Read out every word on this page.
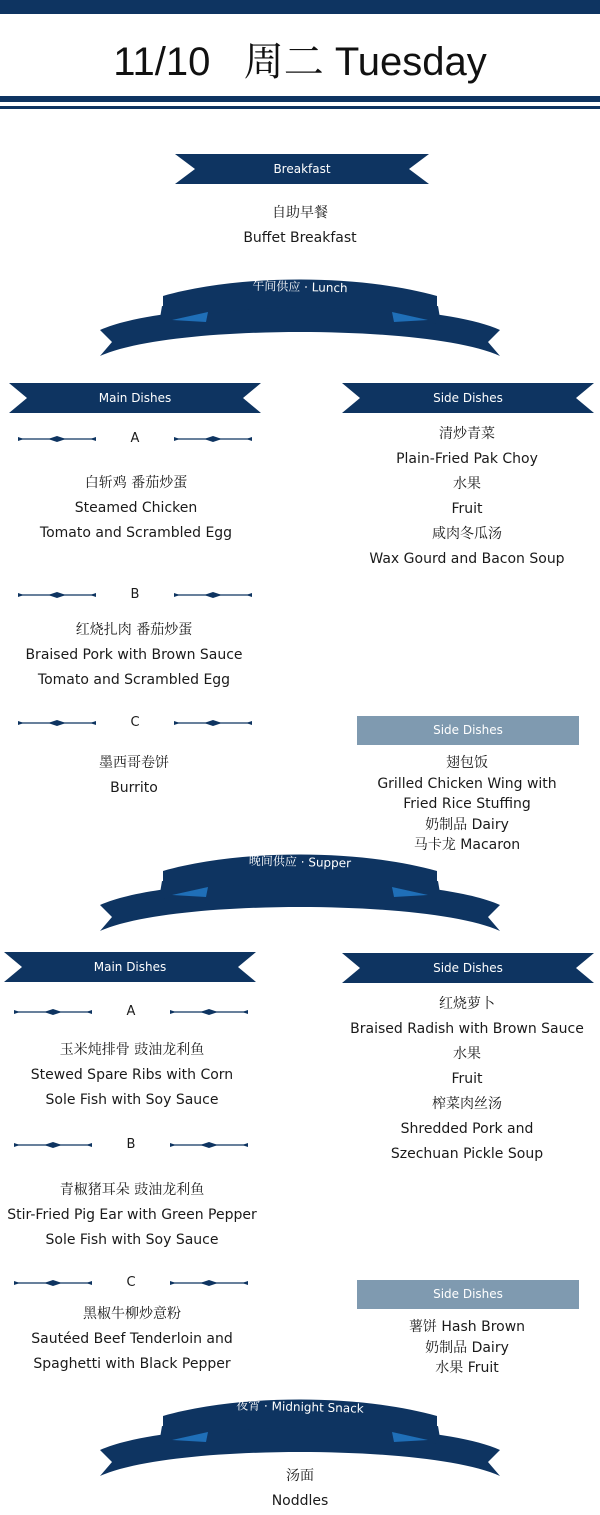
11/10 周二 Tuesday
Breakfast
自助早餐
Buffet Breakfast
午间供应 · Lunch
Main Dishes	Side Dishes
A
白斩鸡 番茄炒蛋
Steamed Chicken
Tomato and Scrambled Egg
B
红烧扎肉 番茄炒蛋
Braised Pork with Brown Sauce
Tomato and Scrambled Egg
C
墨西哥卷饼
Burrito
清炒青菜
Plain-Fried Pak Choy
水果
Fruit
咸肉冬瓜汤
Wax Gourd and Bacon Soup
Side Dishes
翅包饭
Grilled Chicken Wing with
Fried Rice Stuffing
奶制品 Dairy
马卡龙 Macaron
晚间供应 · Supper
Main Dishes	Side Dishes
A
玉米炖排骨 豉油龙利鱼
Stewed Spare Ribs with Corn
Sole Fish with Soy Sauce
B
青椒猪耳朵 豉油龙利鱼
Stir-Fried Pig Ear with Green Pepper
Sole Fish with Soy Sauce
C
黑椒牛柳炒意粉
Sautéed Beef Tenderloin and
Spaghetti with Black Pepper
红烧萝卜
Braised Radish with Brown Sauce
水果
Fruit
榨菜肉丝汤
Shredded Pork and
Szechuan Pickle Soup
Side Dishes
薯饼 Hash Brown
奶制品 Dairy
水果 Fruit
夜宵 · Midnight Snack
汤面
Noddles
